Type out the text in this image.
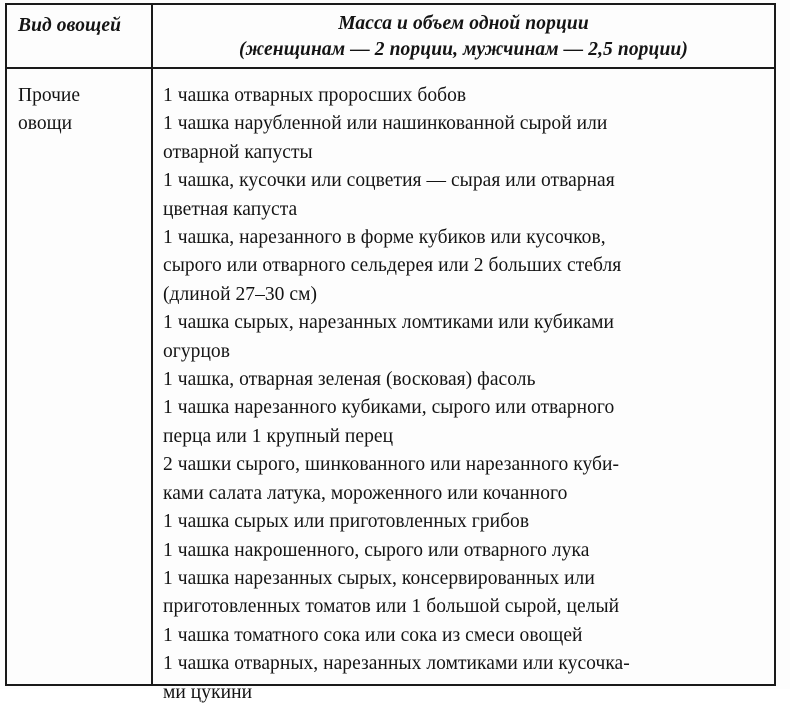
Вид овощей	Масса и объем одной порции
(женщинам — 2 порции, мужчинам — 2,5 порции)
Прочие
овощи
1 чашка отварных проросших бобов
1 чашка нарубленной или нашинкованной сырой или
отварной капусты
1 чашка, кусочки или соцветия — сырая или отварная
цветная капуста
1 чашка, нарезанного в форме кубиков или кусочков,
сырого или отварного сельдерея или 2 больших стебля
(длиной 27–30 см)
1 чашка сырых, нарезанных ломтиками или кубиками
огурцов
1 чашка, отварная зеленая (восковая) фасоль
1 чашка нарезанного кубиками, сырого или отварного
перца или 1 крупный перец
2 чашки сырого, шинкованного или нарезанного куби-
ками салата латука, мороженного или кочанного
1 чашка сырых или приготовленных грибов
1 чашка накрошенного, сырого или отварного лука
1 чашка нарезанных сырых, консервированных или
приготовленных томатов или 1 большой сырой, целый
1 чашка томатного сока или сока из смеси овощей
1 чашка отварных, нарезанных ломтиками или кусочка-
ми цукини
